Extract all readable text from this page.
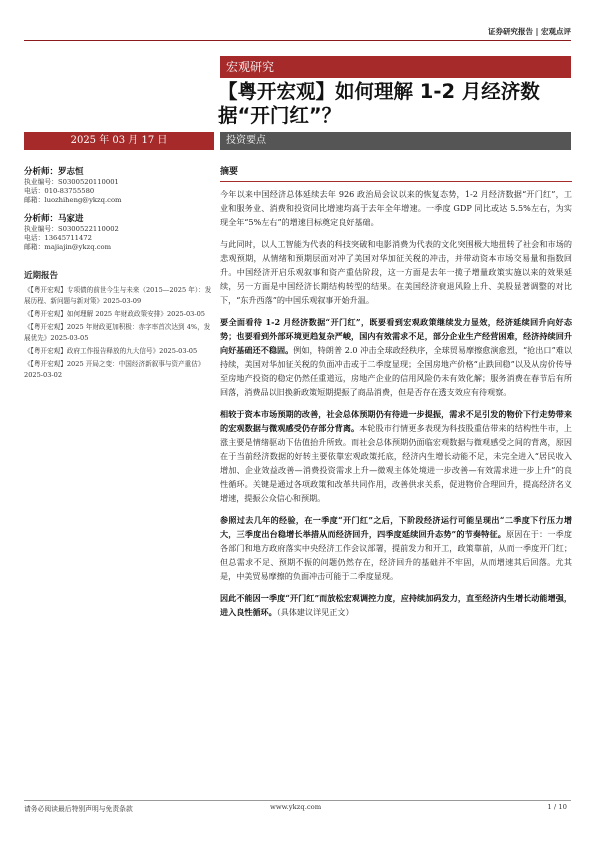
证券研究报告 | 宏观点评
宏观研究
【粤开宏观】如何理解 1-2 月经济数
据“开门红”？
2025 年 03 月 17 日	投资要点
分析师：罗志恒
执业编号：S0300520110001
电话：010-83755580
邮箱：luozhiheng@ykzq.com
分析师：马家进
执业编号：S0300522110002
电话：13645711472
邮箱：majiajin@ykzq.com
近期报告
《【粤开宏观】专项债的前世今生与未来（2015—2025 年）：发展历程、新问题与新对策》2025-03-09
《【粤开宏观】如何理解 2025 年财政政策安排》2025-03-05
《【粤开宏观】2025 年财政更加积极：赤字率首次达到 4%，发展优先》2025-03-05
《【粤开宏观】政府工作报告释放的九大信号》2025-03-05
《【粤开宏观】2025 开局之变：中国经济新叙事与资产重估》2025-03-02
摘要

今年以来中国经济总体延续去年 926 政治局会议以来的恢复态势，1-2 月经济数据“开门红”，工业和服务业、消费和投资同比增速均高于去年全年增速。一季度 GDP 同比或达 5.5%左右，为实现全年“5%左右”的增速目标奠定良好基础。

与此同时，以人工智能为代表的科技突破和电影消费为代表的文化突围极大地扭转了社会和市场的悲观预期，从情绪和预期层面对冲了美国对华加征关税的冲击，并带动资本市场交易量和指数回升。中国经济开启乐观叙事和资产重估阶段，这一方面是去年一揽子增量政策实施以来的效果延续，另一方面是中国经济长期结构转型的结果。在美国经济衰退风险上升、美股显著调整的对比下，“东升西落”的中国乐观叙事开始升温。

要全面看待 1-2 月经济数据“开门红”，既要看到宏观政策继续发力显效，经济延续回升向好态势；也要看到外部环境更趋复杂严峻，国内有效需求不足，部分企业生产经营困难，经济持续回升向好基础还不稳固。例如，特朗普 2.0 冲击全球政经秩序，全球贸易摩擦愈演愈烈，“抢出口”难以持续，美国对华加征关税的负面冲击或于二季度显现；全国房地产价格“止跌回稳”以及从房价传导至房地产投资的稳定仍然任重道远，房地产企业的信用风险仍未有效化解；服务消费在春节后有所回落，消费品以旧换新政策短期提振了商品消费，但是否存在透支效应有待观察。

相较于资本市场预期的改善，社会总体预期仍有待进一步提振，需求不足引发的物价下行走势带来的宏观数据与微观感受仍存部分背离。本轮股市行情更多表现为科技股重估带来的结构性牛市，上涨主要是情绪驱动下估值抬升所致。而社会总体预期仍面临宏观数据与微观感受之间的背离，原因在于当前经济数据的好转主要依靠宏观政策托底，经济内生增长动能不足，未完全进入“居民收入增加、企业效益改善—消费投资需求上升—微观主体处境进一步改善—有效需求进一步上升”的良性循环。关键是通过各项政策和改革共同作用，改善供求关系，促进物价合理回升，提高经济名义增速，提振公众信心和预期。

参照过去几年的经验，在一季度“开门红”之后，下阶段经济运行可能呈现出“二季度下行压力增大，三季度出台稳增长举措从而经济回升，四季度延续回升态势”的节奏特征。原因在于：一季度各部门和地方政府落实中央经济工作会议部署，提前发力和开工，政策靠前，从而一季度开门红；但总需求不足、预期不振的问题仍然存在，经济回升的基础并不牢固，从而增速其后回落。尤其是，中美贸易摩擦的负面冲击可能于二季度显现。

因此不能因一季度“开门红”而放松宏观调控力度，应持续加码发力，直至经济内生增长动能增强，进入良性循环。（具体建议详见正文）

请务必阅读最后特别声明与免责条款	www.ykzq.com	1 / 10
